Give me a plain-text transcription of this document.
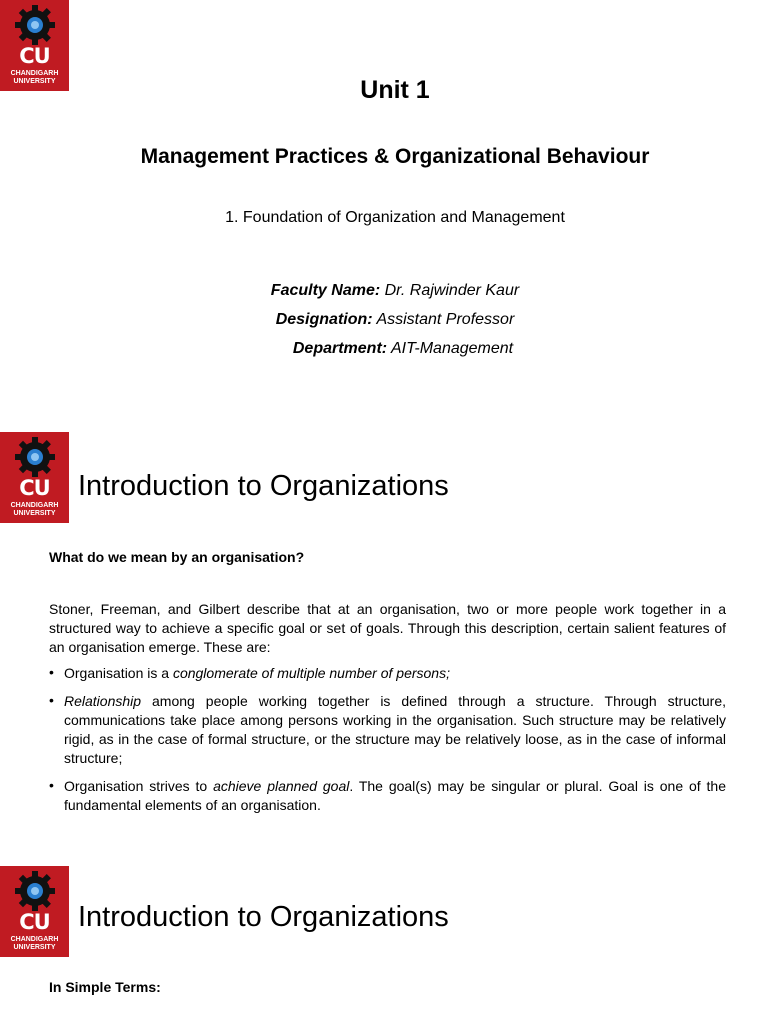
CU
CHANDIGARH
UNIVERSITY	Unit 1
Management Practices & Organizational Behaviour
1. Foundation of Organization and Management
Faculty Name: Dr. Rajwinder Kaur
Designation: Assistant Professor
Department: AIT-Management
CU
CHANDIGARH
UNIVERSITY
Introduction to Organizations
What do we mean by an organisation?
Stoner, Freeman, and Gilbert describe that at an organisation, two or more people work together in a structured way to achieve a specific goal or set of goals. Through this description, certain salient features of an organisation emerge. These are:
• Organisation is a conglomerate of multiple number of persons;
• Relationship among people working together is defined through a structure. Through structure, communications take place among persons working in the organisation. Such structure may be relatively rigid, as in the case of formal structure, or the structure may be relatively loose, as in the case of informal structure;
• Organisation strives to achieve planned goal. The goal(s) may be singular or plural. Goal is one of the fundamental elements of an organisation.
CU
CHANDIGARH
UNIVERSITY
Introduction to Organizations
In Simple Terms:
